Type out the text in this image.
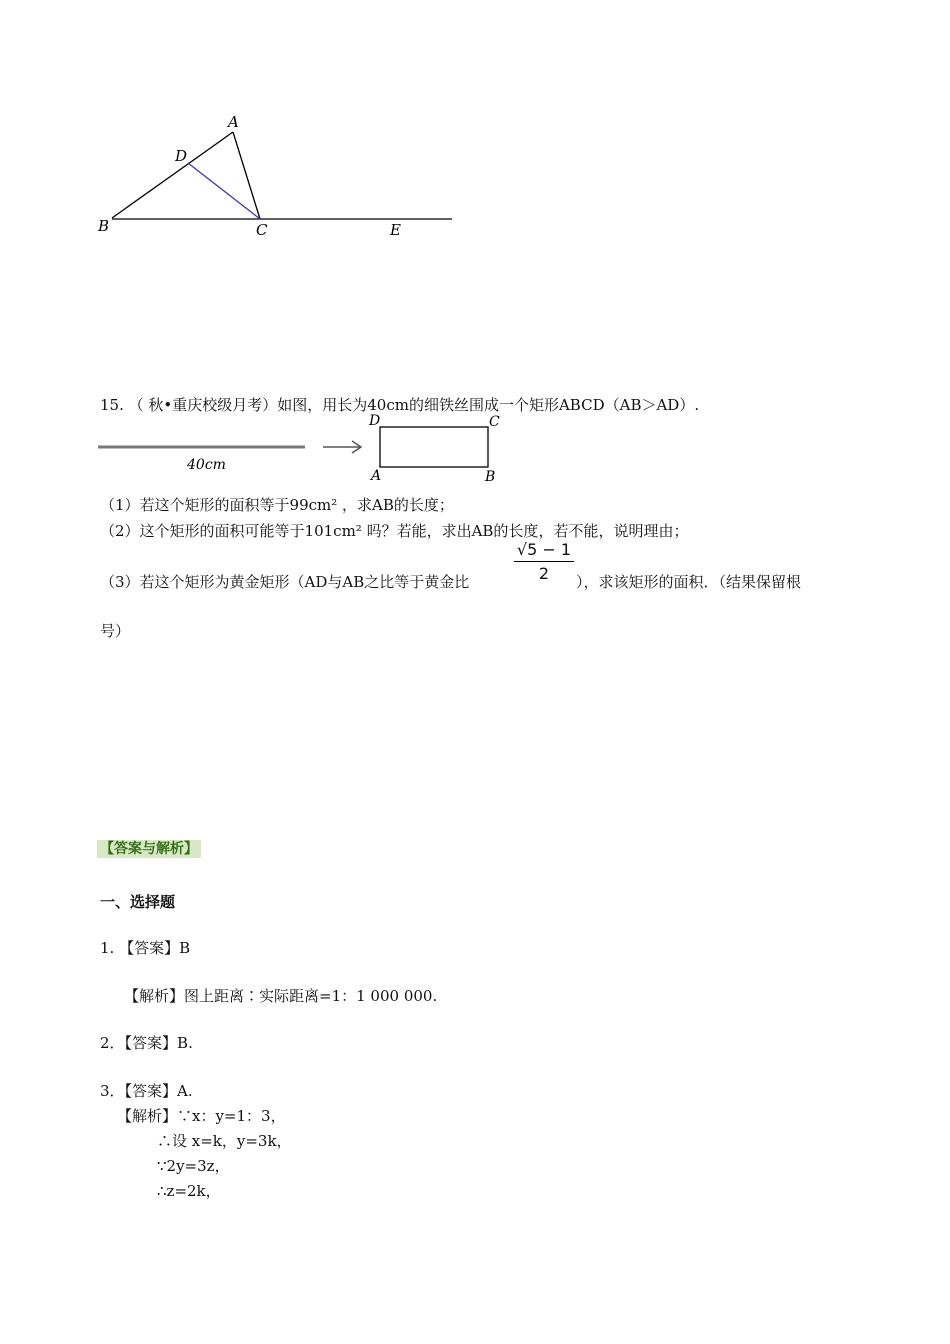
A
D
B	C	E
15. （ 秋•重庆校级月考）如图，用长为40cm的细铁丝围成一个矩形ABCD（AB＞AD）.
40cm
D	C
A	B
（1）若这个矩形的面积等于99cm² ，求AB的长度；
（2）这个矩形的面积可能等于101cm² 吗？若能，求出AB的长度，若不能，说明理由；
（3）若这个矩形为黄金矩形（AD与AB之比等于黄金比	$\frac{√5 - 1}{2}$ ），求该矩形的面积．（结果保留根
号）
【答案与解析】
一、选择题
1. 【答案】B
【解析】图上距离∶实际距离=1：1 000 000.
2．【答案】B.
3．【答案】A.
【解析】∵x：y=1：3，
∴设 x=k，y=3k，
∵2y=3z，
∴z=2k，
